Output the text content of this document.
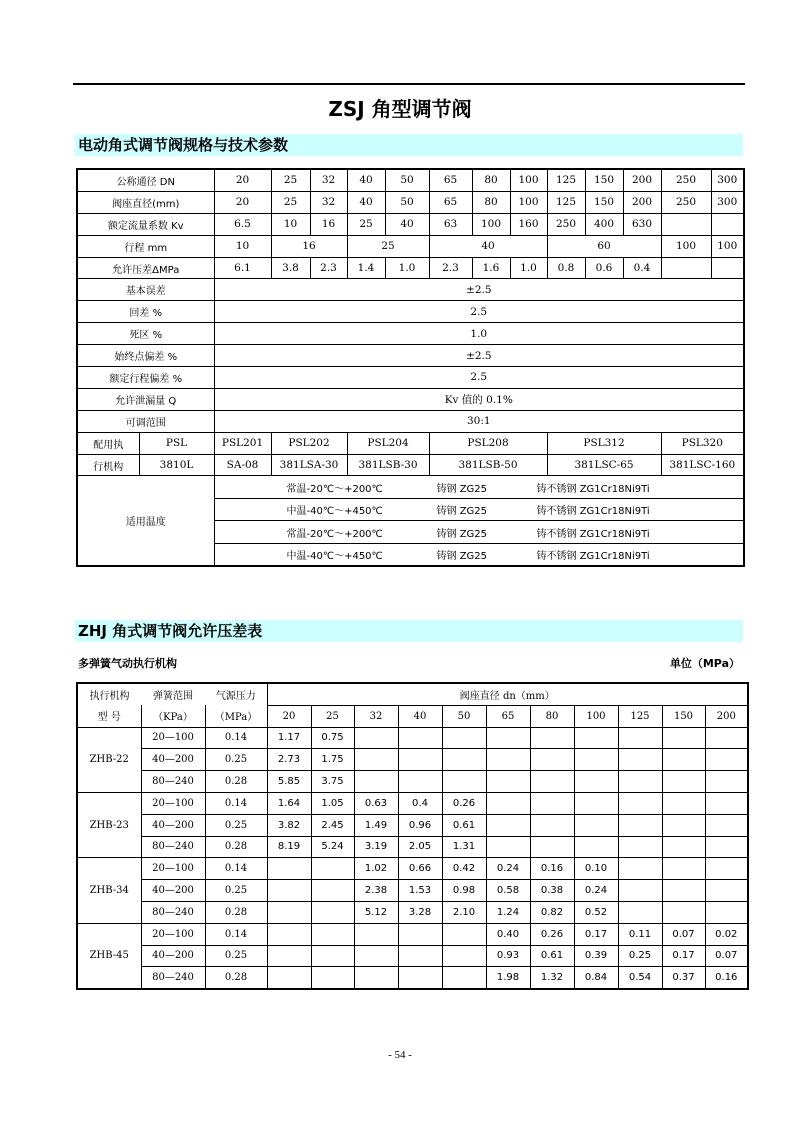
ZSJ 角型调节阀
电动角式调节阀规格与技术参数
公称通径 DN		20	25	32	40	50	65	80	100	125	150	200	250	300
阀座直径(mm)		20	25	32	40	50	65	80	100	125	150	200	250	300
额定流量系数 Kv		6.5	10	16	25	40	63	100	160	250	400	630		
行程 mm		10	16		25		40			60			100	100
允许压差ΔMPa		6.1	3.8	2.3	1.4	1.0	2.3	1.6	1.0	0.8	0.6	0.4		
基本误差		±2.5												
回差 %		2.5												
死区 %		1.0												
始终点偏差 %		±2.5												
额定行程偏差 %		2.5												
允许泄漏量 Q		Kv 值的 0.1%												
可调范围		30:1												
配用执	PSL	PSL201	PSL202		PSL204		PSL208			PSL312			PSL320	
行机构	3810L	SA-08	381LSA-30		381LSB-30		381LSB-50			381LSC-65			381LSC-160	
适用温度		常温-20℃～+200℃ 铸钢 ZG25 铸不锈钢 ZG1Cr18Ni9Ti												
		中温-40℃～+450℃ 铸钢 ZG25 铸不锈钢 ZG1Cr18Ni9Ti												
		常温-20℃～+200℃ 铸钢 ZG25 铸不锈钢 ZG1Cr18Ni9Ti												
		中温-40℃～+450℃ 铸钢 ZG25 铸不锈钢 ZG1Cr18Ni9Ti												
ZHJ 角式调节阀允许压差表
多弹簧气动执行机构	单位（MPa）
执行机构	弹簧范围	气源压力	阀座直径 dn（mm）										
型 号	（KPa）	（MPa）	20	25	32	40	50	65	80	100	125	150	200
ZHB-22	20—100	0.14	1.17	0.75									
	40—200	0.25	2.73	1.75									
	80—240	0.28	5.85	3.75									
ZHB-23	20—100	0.14	1.64	1.05	0.63	0.4	0.26						
	40—200	0.25	3.82	2.45	1.49	0.96	0.61						
	80—240	0.28	8.19	5.24	3.19	2.05	1.31						
ZHB-34	20—100	0.14			1.02	0.66	0.42	0.24	0.16	0.10			
	40—200	0.25			2.38	1.53	0.98	0.58	0.38	0.24			
	80—240	0.28			5.12	3.28	2.10	1.24	0.82	0.52			
ZHB-45	20—100	0.14						0.40	0.26	0.17	0.11	0.07	0.02
	40—200	0.25						0.93	0.61	0.39	0.25	0.17	0.07
	80—240	0.28						1.98	1.32	0.84	0.54	0.37	0.16
- 54 -
